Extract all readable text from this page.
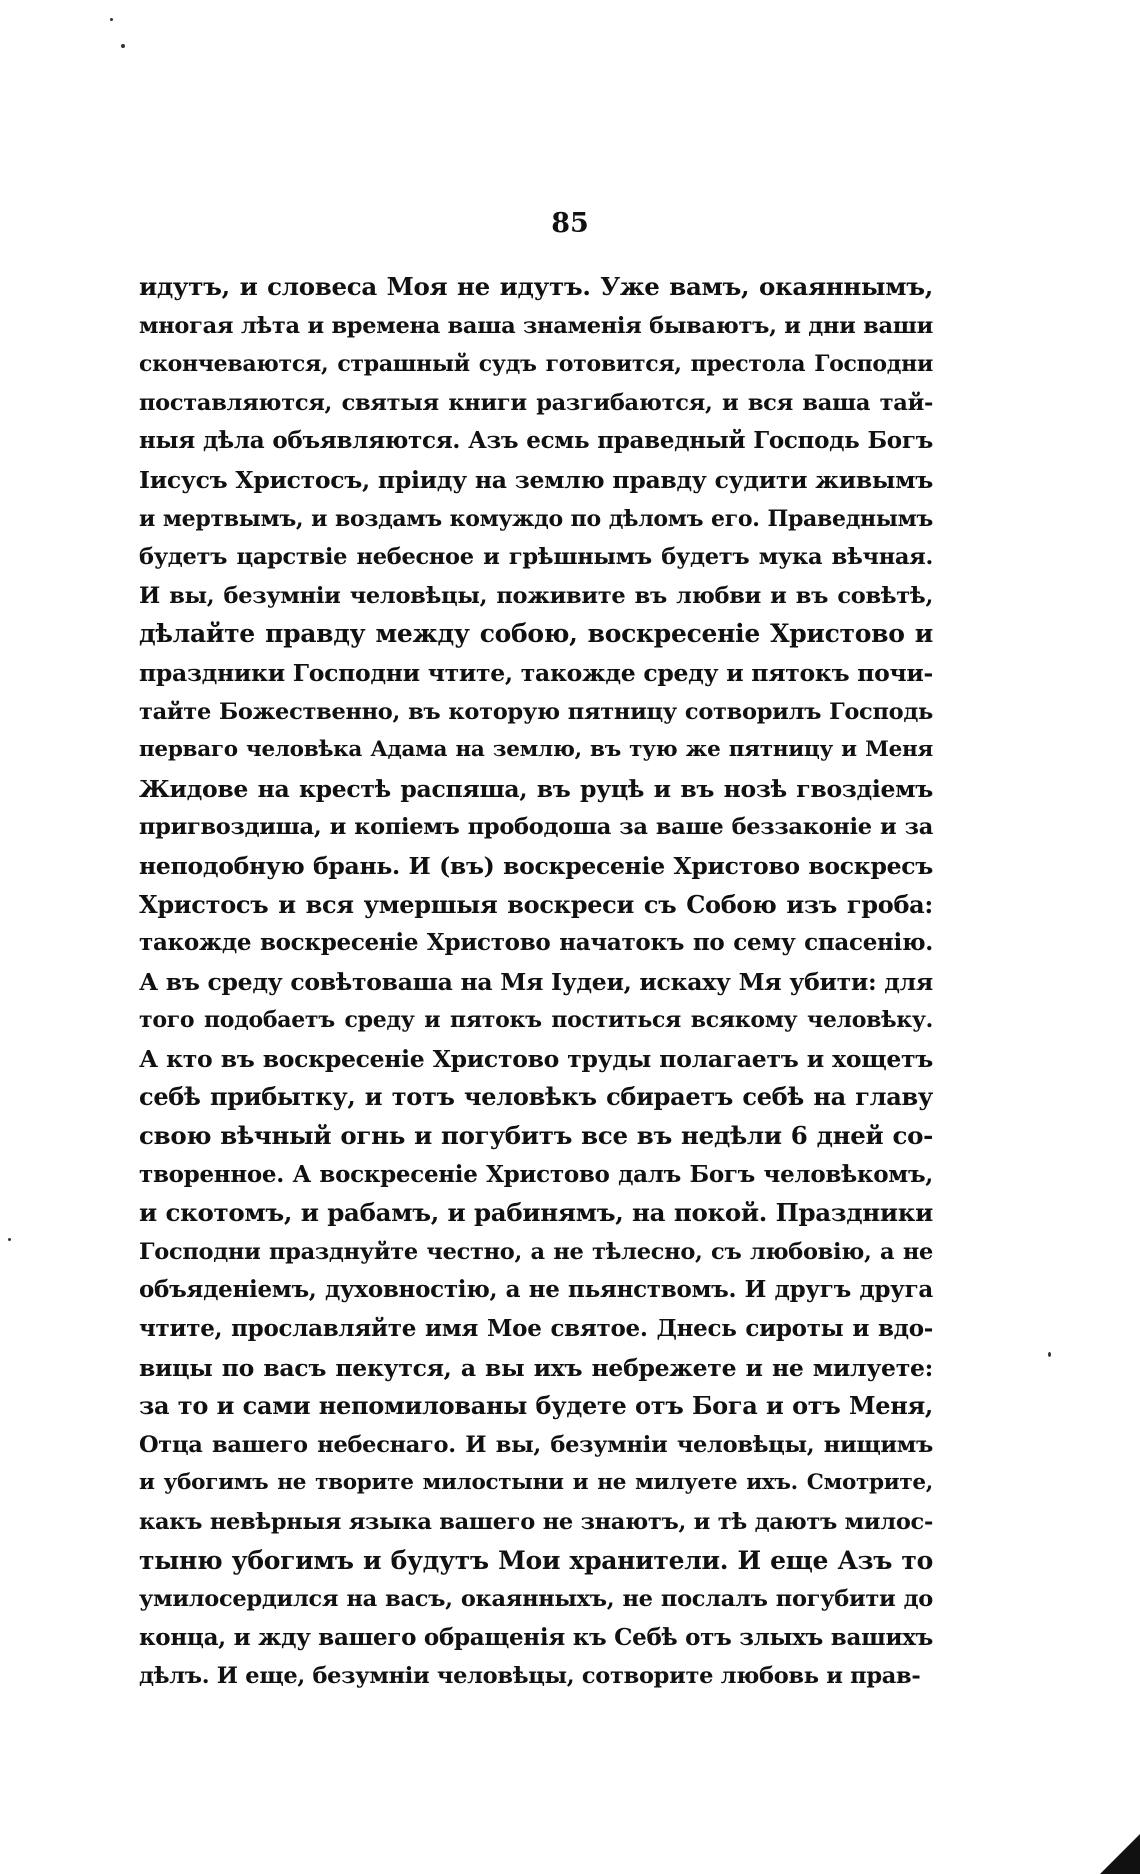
85
идутъ, и словеса Моя не идутъ. Уже вамъ, окаяннымъ,
многая лѣта и времена ваша знаменія бываютъ, и дни ваши
скончеваются, страшный судъ готовится, престола Господни
поставляются, святыя книги разгибаются, и вся ваша тай-
ныя дѣла объявляются. Азъ есмь праведный Господь Богъ
Іисусъ Христосъ, пріиду на землю правду судити живымъ
и мертвымъ, и воздамъ комуждо по дѣломъ его. Праведнымъ
будетъ царствіе небесное и грѣшнымъ будетъ мука вѣчная.
И вы, безумніи человѣцы, поживите въ любви и въ совѣтѣ,
дѣлайте правду между собою, воскресеніе Христово и
праздники Господни чтите, такожде среду и пятокъ почи-
тайте Божественно, въ которую пятницу сотворилъ Господь
перваго человѣка Адама на землю, въ тую же пятницу и Меня
Жидове на крестѣ распяша, въ руцѣ и въ нозѣ гвоздіемъ
пригвоздиша, и копіемъ прободоша за ваше беззаконіе и за
неподобную брань. И (въ) воскресеніе Христово воскресъ
Христосъ и вся умершыя воскреси съ Собою изъ гроба:
такожде воскресеніе Христово начатокъ по сему спасенію.
А въ среду совѣтоваша на Мя Іудеи, искаху Мя убити: для
того подобаетъ среду и пятокъ поститься всякому человѣку.
А кто въ воскресеніе Христово труды полагаетъ и хощетъ
себѣ прибытку, и тотъ человѣкъ сбираетъ себѣ на главу
свою вѣчный огнь и погубитъ все въ недѣли 6 дней со-
творенное. А воскресеніе Христово далъ Богъ человѣкомъ,
и скотомъ, и рабамъ, и рабинямъ, на покой. Праздники
Господни празднуйте честно, а не тѣлесно, съ любовію, а не
объяденіемъ, духовностію, а не пьянствомъ. И другъ друга
чтите, прославляйте имя Мое святое. Днесь сироты и вдо-
вицы по васъ пекутся, а вы ихъ небрежете и не милуете:
за то и сами непомилованы будете отъ Бога и отъ Меня,
Отца вашего небеснаго. И вы, безумніи человѣцы, нищимъ
и убогимъ не творите милостыни и не милуете ихъ. Смотрите,
какъ невѣрныя языка вашего не знаютъ, и тѣ даютъ милос-
тыню убогимъ и будутъ Мои хранители. И еще Азъ то
умилосердился на васъ, окаянныхъ, не послалъ погубити до
конца, и жду вашего обращенія къ Себѣ отъ злыхъ вашихъ
дѣлъ. И еще, безумніи человѣцы, сотворите любовь и прав-
